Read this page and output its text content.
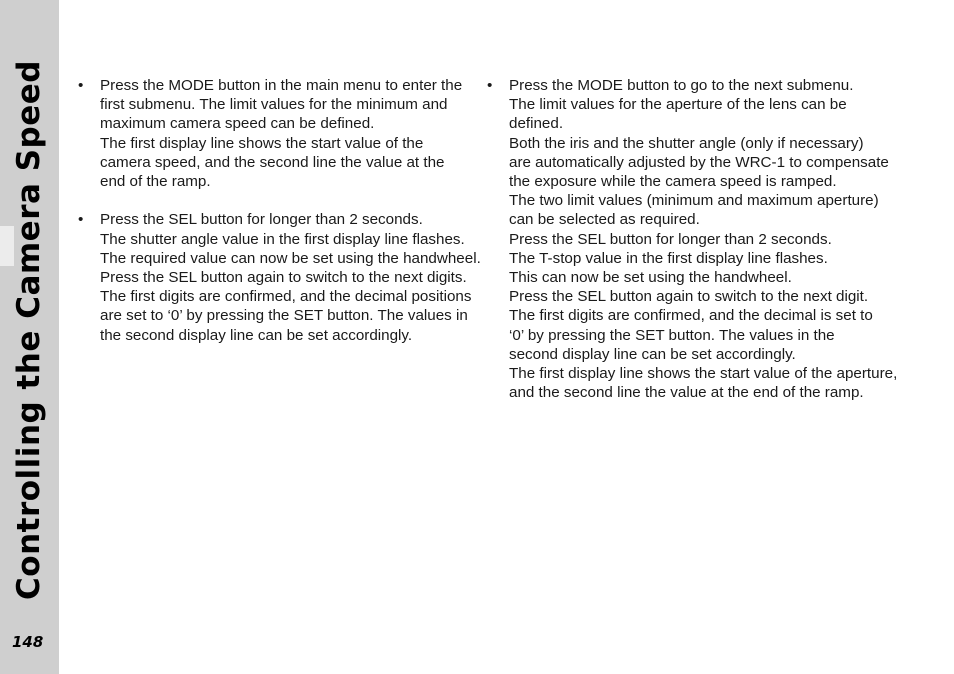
Controlling the Camera Speed
148
• Press the MODE button in the main menu to enter the
first submenu. The limit values for the minimum and
maximum camera speed can be defined.
The first display line shows the start value of the
camera speed, and the second line the value at the
end of the ramp.
• Press the SEL button for longer than 2 seconds.
The shutter angle value in the first display line flashes.
The required value can now be set using the handwheel.
Press the SEL button again to switch to the next digits.
The first digits are confirmed, and the decimal positions
are set to ‘0’ by pressing the SET button. The values in
the second display line can be set accordingly.
• Press the MODE button to go to the next submenu.
The limit values for the aperture of the lens can be
defined.
Both the iris and the shutter angle (only if necessary)
are automatically adjusted by the WRC-1 to compensate
the exposure while the camera speed is ramped.
The two limit values (minimum and maximum aperture)
can be selected as required.
Press the SEL button for longer than 2 seconds.
The T-stop value in the first display line flashes.
This can now be set using the handwheel.
Press the SEL button again to switch to the next digit.
The first digits are confirmed, and the decimal is set to
‘0’ by pressing the SET button. The values in the
second display line can be set accordingly.
The first display line shows the start value of the aperture,
and the second line the value at the end of the ramp.
